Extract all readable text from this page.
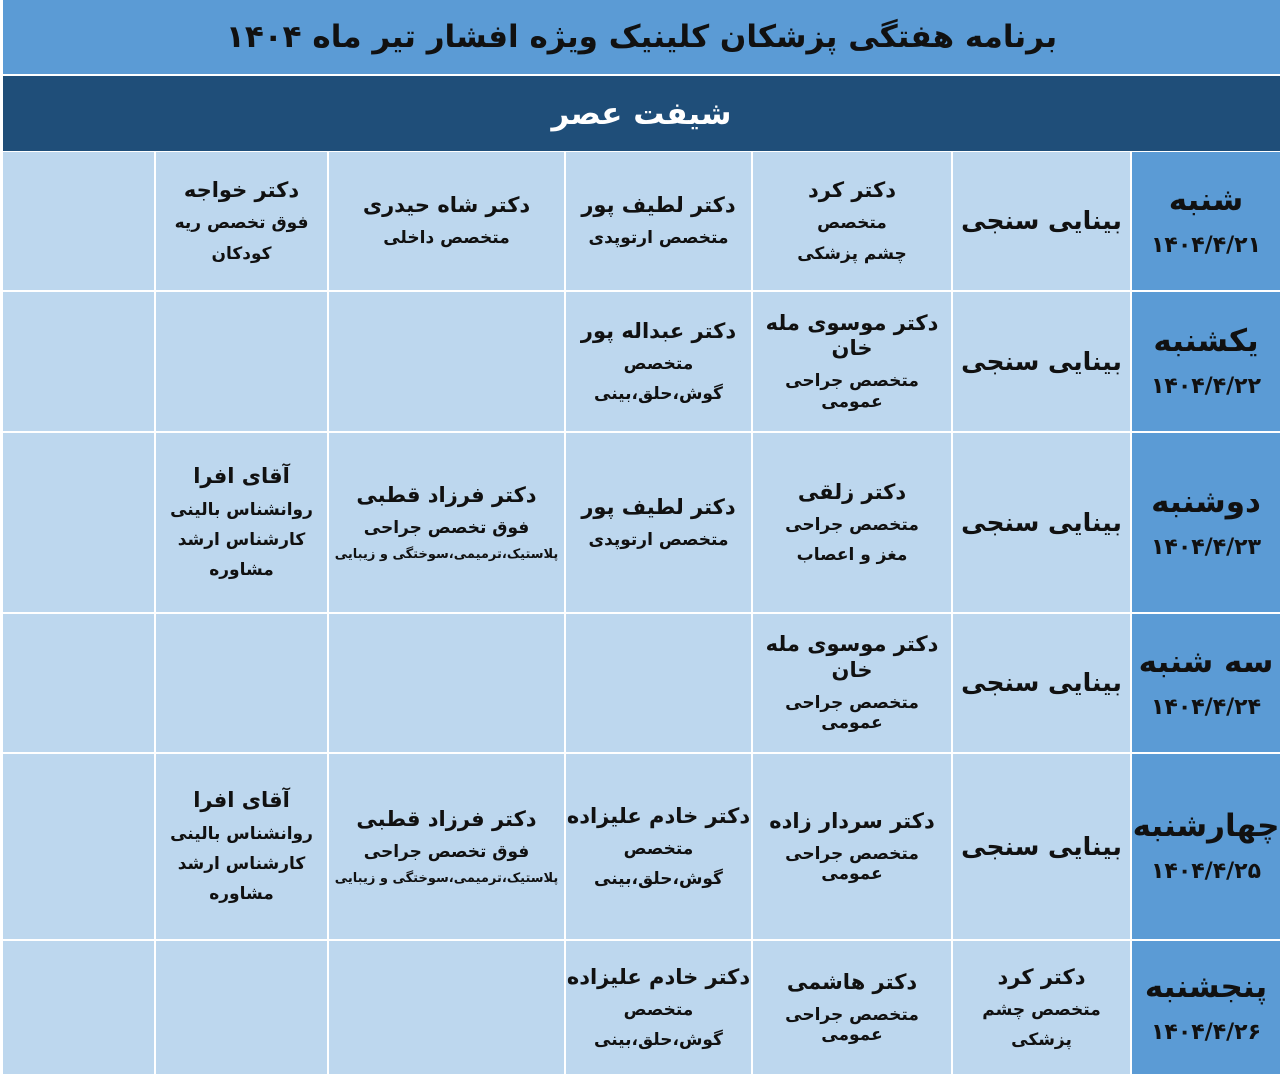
برنامه هفتگی پزشکان کلینیک ویژه افشار تیر ماه ۱۴۰۴
شیفت عصر
شنبه
۱۴۰۴/۴/۲۱
بینایی سنجی
دکتر کرد
متخصص
چشم پزشکی
دکتر لطیف پور
متخصص ارتوپدی
دکتر شاه حیدری
متخصص داخلی
دکتر خواجه
فوق تخصص ریه
کودکان
یکشنبه
۱۴۰۴/۴/۲۲
بینایی سنجی
دکتر موسوی مله خان
متخصص جراحی عمومی
دکتر عبداله پور
متخصص
گوش،حلق،بینی
دوشنبه
۱۴۰۴/۴/۲۳
بینایی سنجی
دکتر زلقی
متخصص جراحی
مغز و اعصاب
دکتر لطیف پور
متخصص ارتوپدی
دکتر فرزاد قطبی
فوق تخصص جراحی
پلاستیک،ترمیمی،سوختگی و زیبایی
آقای افرا
روانشناس بالینی
کارشناس ارشد
مشاوره
سه شنبه
۱۴۰۴/۴/۲۴
بینایی سنجی
دکتر موسوی مله خان
متخصص جراحی عمومی
چهارشنبه
۱۴۰۴/۴/۲۵
بینایی سنجی
دکتر سردار زاده
متخصص جراحی عمومی
دکتر خادم علیزاده
متخصص
گوش،حلق،بینی
دکتر فرزاد قطبی
فوق تخصص جراحی
پلاستیک،ترمیمی،سوختگی و زیبایی
آقای افرا
روانشناس بالینی
کارشناس ارشد
مشاوره
پنجشنبه
۱۴۰۴/۴/۲۶
دکتر کرد
متخصص چشم
پزشکی
دکتر هاشمی
متخصص جراحی عمومی
دکتر خادم علیزاده
متخصص
گوش،حلق،بینی
